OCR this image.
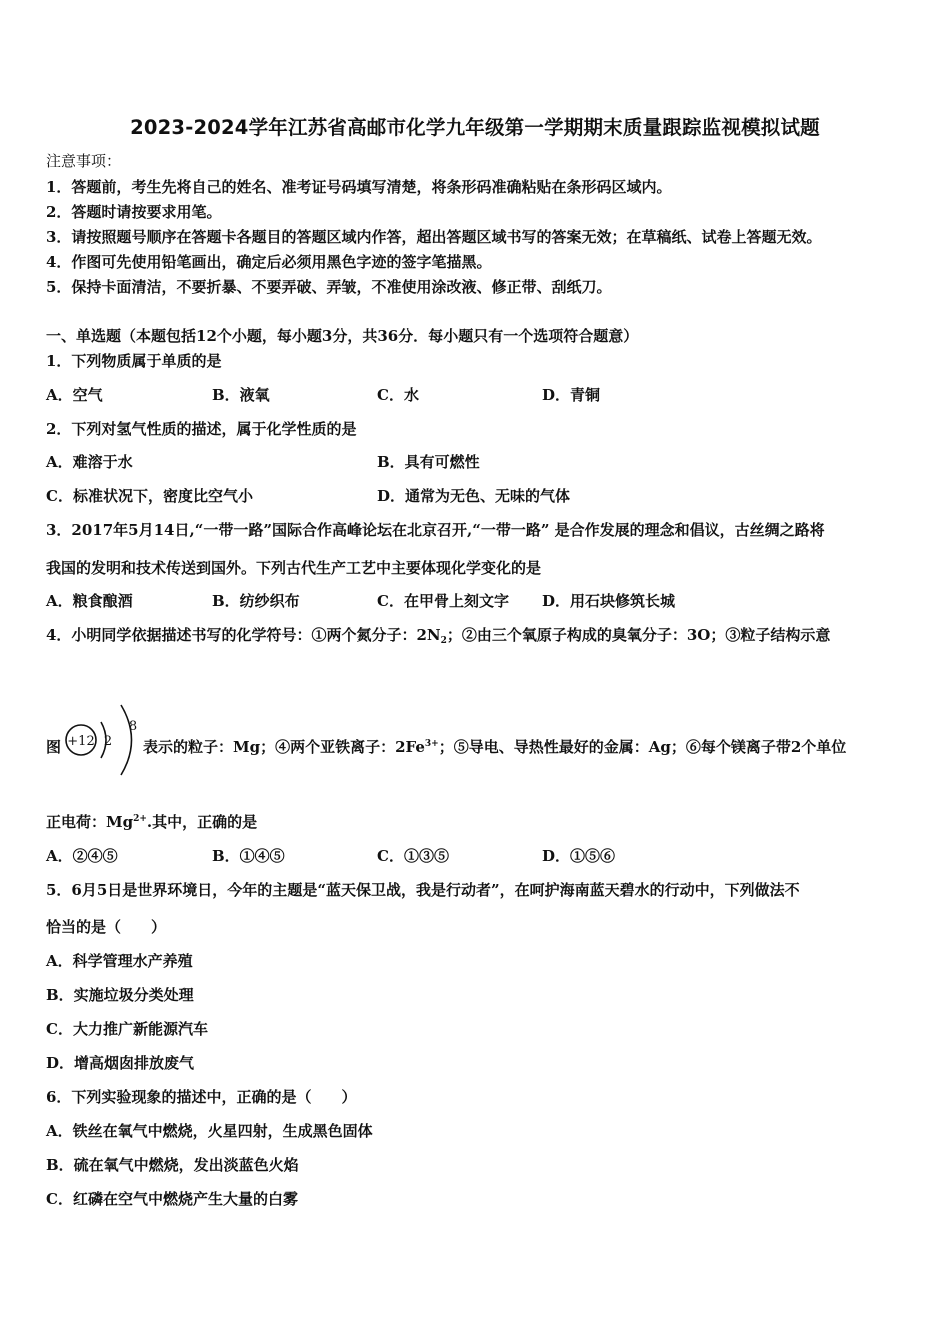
2023-2024学年江苏省高邮市化学九年级第一学期期末质量跟踪监视模拟试题
注意事项：
1．答题前，考生先将自己的姓名、准考证号码填写清楚，将条形码准确粘贴在条形码区域内。
2．答题时请按要求用笔。
3．请按照题号顺序在答题卡各题目的答题区域内作答，超出答题区域书写的答案无效；在草稿纸、试卷上答题无效。
4．作图可先使用铅笔画出，确定后必须用黑色字迹的签字笔描黑。
5．保持卡面清洁，不要折暴、不要弄破、弄皱，不准使用涂改液、修正带、刮纸刀。
一、单选题（本题包括12个小题，每小题3分，共36分．每小题只有一个选项符合题意）
1．下列物质属于单质的是
A．空气	B．液氧	C．水	D．青铜
2．下列对氢气性质的描述，属于化学性质的是
A．难溶于水	B．具有可燃性
C．标准状况下，密度比空气小	D．通常为无色、无味的气体
3．2017年5月14日,“一带一路”国际合作高峰论坛在北京召开,“一带一路” 是合作发展的理念和倡议，古丝绸之路将
我国的发明和技术传送到国外。下列古代生产工艺中主要体现化学变化的是
A．粮食酿酒	B．纺纱织布	C．在甲骨上刻文字 D．用石块修筑长城
4．小明同学依据描述书写的化学符号：①两个氮分子：$2N_2$；②由三个氧原子构成的臭氧分子：3O；③粒子结构示意
图 +12 2
8
表示的粒子：Mg；④两个亚铁离子：$2Fe^{3+}$；⑤导电、导热性最好的金属：Ag；⑥每个镁离子带2个单位
正电荷：$Mg^{2+}$.其中，正确的是
A．②④⑤	B．①④⑤	C．①③⑤	D．①⑤⑥
5．6月5日是世界环境日，今年的主题是“蓝天保卫战，我是行动者”，在呵护海南蓝天碧水的行动中，下列做法不
恰当的是（　　）
A．科学管理水产养殖
B．实施垃圾分类处理
C．大力推广新能源汽车
D．增高烟囱排放废气
6．下列实验现象的描述中，正确的是（　　）
A．铁丝在氧气中燃烧，火星四射，生成黑色固体
B．硫在氧气中燃烧，发出淡蓝色火焰
C．红磷在空气中燃烧产生大量的白雾
